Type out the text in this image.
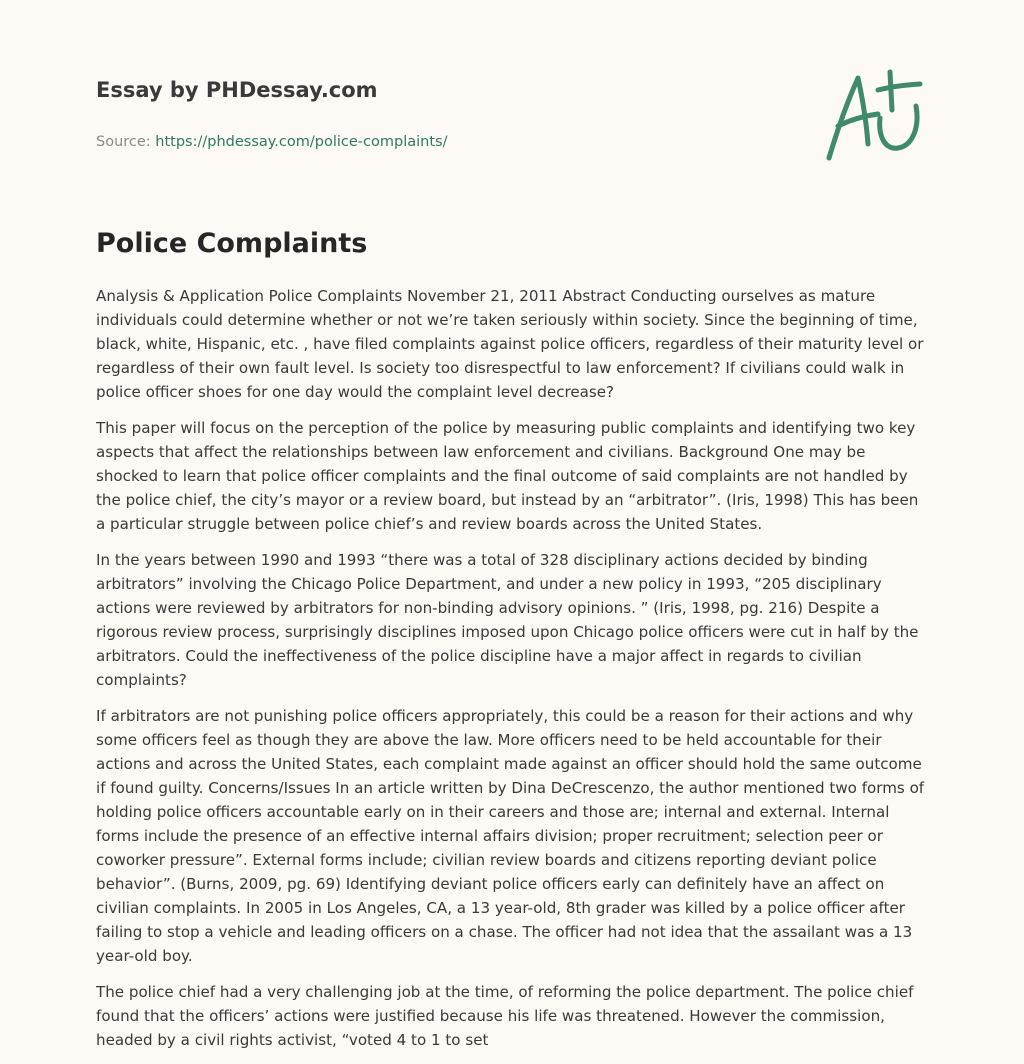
Essay by PHDessay.com
Source: https://phdessay.com/police-complaints/
Police Complaints

Analysis & Application Police Complaints November 21, 2011 Abstract Conducting ourselves as mature individuals could determine whether or not we’re taken seriously within society. Since the beginning of time, black, white, Hispanic, etc. , have filed complaints against police officers, regardless of their maturity level or regardless of their own fault level. Is society too disrespectful to law enforcement? If civilians could walk in police officer shoes for one day would the complaint level decrease?

This paper will focus on the perception of the police by measuring public complaints and identifying two key aspects that affect the relationships between law enforcement and civilians. Background One may be shocked to learn that police officer complaints and the final outcome of said complaints are not handled by the police chief, the city’s mayor or a review board, but instead by an “arbitrator”. (Iris, 1998) This has been a particular struggle between police chief’s and review boards across the United States.

In the years between 1990 and 1993 “there was a total of 328 disciplinary actions decided by binding arbitrators” involving the Chicago Police Department, and under a new policy in 1993, “205 disciplinary actions were reviewed by arbitrators for non-binding advisory opinions. ” (Iris, 1998, pg. 216) Despite a rigorous review process, surprisingly disciplines imposed upon Chicago police officers were cut in half by the arbitrators. Could the ineffectiveness of the police discipline have a major affect in regards to civilian complaints?

If arbitrators are not punishing police officers appropriately, this could be a reason for their actions and why some officers feel as though they are above the law. More officers need to be held accountable for their actions and across the United States, each complaint made against an officer should hold the same outcome if found guilty. Concerns/Issues In an article written by Dina DeCrescenzo, the author mentioned two forms of holding police officers accountable early on in their careers and those are; internal and external. Internal forms include the presence of an effective internal affairs division; proper recruitment; selection peer or coworker pressure”. External forms include; civilian review boards and citizens reporting deviant police behavior”. (Burns, 2009, pg. 69) Identifying deviant police officers early can definitely have an affect on civilian complaints. In 2005 in Los Angeles, CA, a 13 year-old, 8th grader was killed by a police officer after failing to stop a vehicle and leading officers on a chase. The officer had not idea that the assailant was a 13 year-old boy.

The police chief had a very challenging job at the time, of reforming the police department. The police chief found that the officers’ actions were justified because his life was threatened. However the commission, headed by a civil rights activist, “voted 4 to 1 to set
